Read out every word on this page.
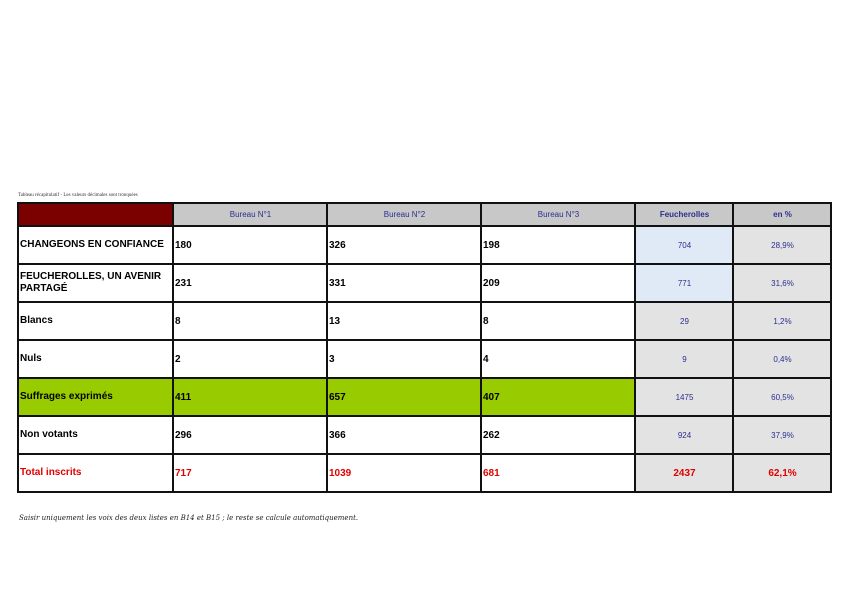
Tableau récapitulatif - Les valeurs décimales sont tronquées
	Bureau N°1	Bureau N°2	Bureau N°3	Feucherolles	en %
CHANGEONS EN CONFIANCE	180	326	198	704	28,9%
FEUCHEROLLES, UN AVENIR PARTAGÉ	231	331	209	771	31,6%
Blancs	8	13	8	29	1,2%
Nuls	2	3	4	9	0,4%
Suffrages exprimés	411	657	407	1475	60,5%
Non votants	296	366	262	924	37,9%
Total inscrits	717	1039	681	2437	62,1%
Saisir uniquement les voix des deux listes en B14 et B15 ; le reste se calcule automatiquement.
